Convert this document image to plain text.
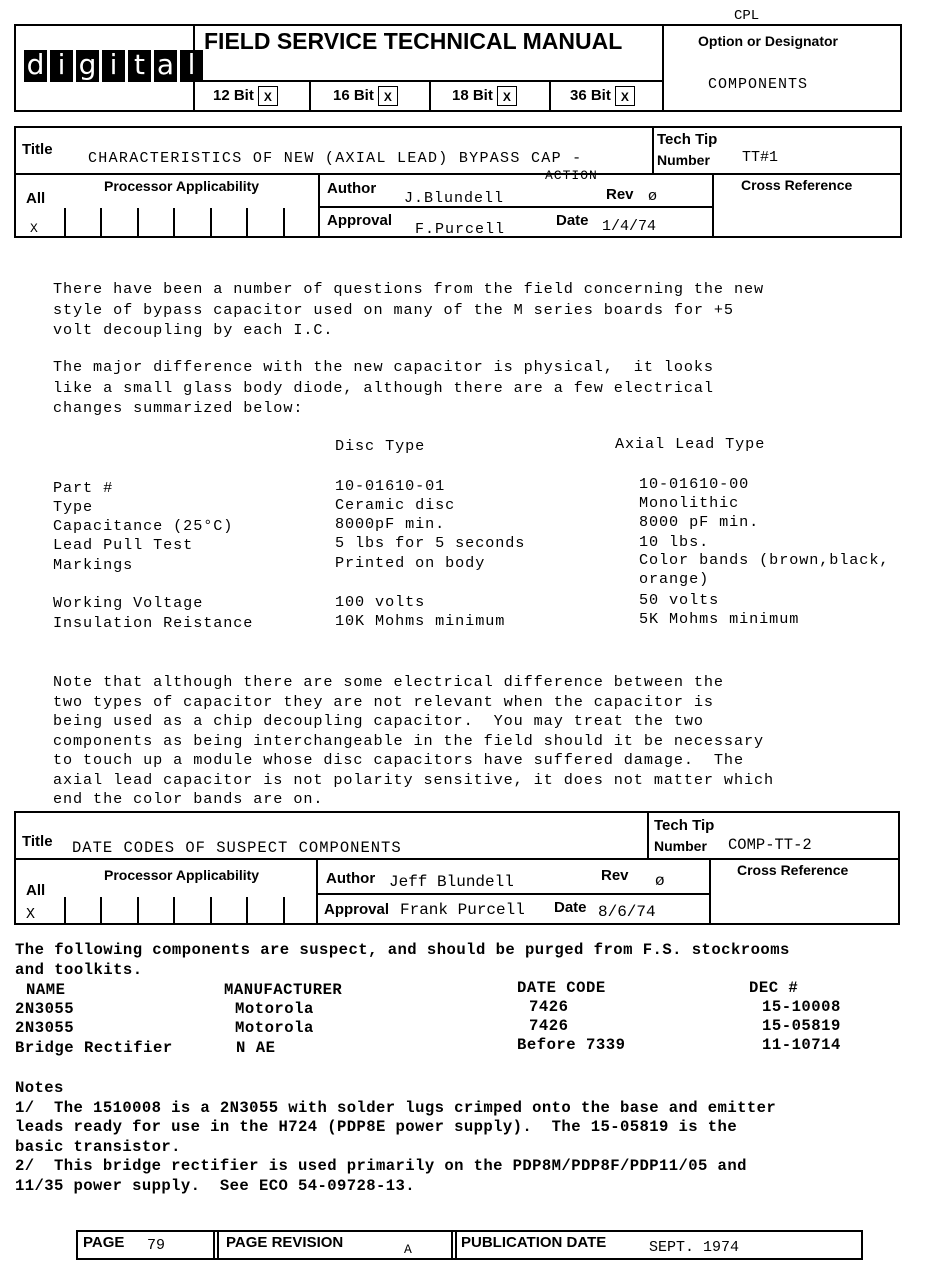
CPL
d i g i t a l
FIELD SERVICE TECHNICAL MANUAL	Option or Designator
COMPONENTS
12 Bit X	16 Bit X	18 Bit X	36 Bit X
Title
CHARACTERISTICS OF NEW (AXIAL LEAD) BYPASS CAP -
Tech Tip
Number TT#1
Processor Applicability
All
X
Author
J.Blundell
ACTION
Rev ø
Approval
F.Purcell
Date 1/4/74
Cross Reference
There have been a number of questions from the field concerning the new
style of bypass capacitor used on many of the M series boards for +5
volt decoupling by each I.C.
The major difference with the new capacitor is physical,  it looks
like a small glass body diode, although there are a few electrical
changes summarized below:
Disc Type	Axial Lead Type
Part #	10-01610-01	10-01610-00
Type	Ceramic disc	Monolithic
Capacitance (25°C)	8000pF min.	8000 pF min.
Lead Pull Test	5 lbs for 5 seconds	10 lbs.
Markings	Printed on body	Color bands (brown,black,
orange)
Working Voltage	100 volts	50 volts
Insulation Reistance	10K Mohms minimum	5K Mohms minimum
Note that although there are some electrical difference between the
two types of capacitor they are not relevant when the capacitor is
being used as a chip decoupling capacitor.  You may treat the two
components as being interchangeable in the field should it be necessary
to touch up a module whose disc capacitors have suffered damage.  The
axial lead capacitor is not polarity sensitive, it does not matter which
end the color bands are on.
Title DATE CODES OF SUSPECT COMPONENTS
Tech Tip
Number COMP-TT-2
Processor Applicability
All
X
Author Jeff Blundell	Rev ø
Approval Frank Purcell Date 8/6/74
Cross Reference
The following components are suspect, and should be purged from F.S. stockrooms
and toolkits.
NAME	MANUFACTURER	DATE CODE	DEC #
2N3055	Motorola	7426	15-10008
2N3055	Motorola	7426	15-05819
Bridge Rectifier	N AE	Before 7339	11-10714
Notes
1/  The 1510008 is a 2N3055 with solder lugs crimped onto the base and emitter
leads ready for use in the H724 (PDP8E power supply).  The 15-05819 is the
basic transistor.
2/  This bridge rectifier is used primarily on the PDP8M/PDP8F/PDP11/05 and
11/35 power supply.  See ECO 54-09728-13.
PAGE 79	PAGE REVISION	A	PUBLICATION DATE	SEPT. 1974
